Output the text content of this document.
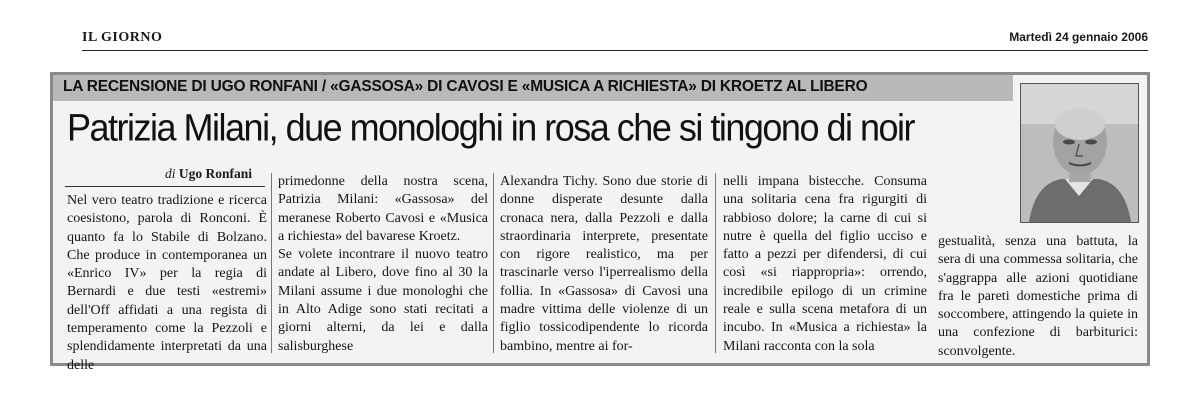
IL GIORNO	Martedì 24 gennaio 2006
LA RECENSIONE DI UGO RONFANI / «GASSOSA» DI CAVOSI E «MUSICA A RICHIESTA» DI KROETZ AL LIBERO
Patrizia Milani, due monologhi in rosa che si tingono di noir
di Ugo Ronfani

Nel vero teatro tradizione e ricerca coesistono, parola di Ronconi. È quanto fa lo Stabile di Bolzano. Che produce in contemporanea un «Enrico IV» per la regia di Bernardi e due testi «estremi» dell'Off affidati a una regista di temperamento come la Pezzoli e splendidamente interpretati da una delle

primedonne della nostra scena, Patrizia Milani: «Gassosa» del meranese Roberto Cavosi e «Musica a richiesta» del bavarese Kroetz.

Se volete incontrare il nuovo teatro andate al Libero, dove fino al 30 la Milani assume i due monologhi che in Alto Adige sono stati recitati a giorni alterni, da lei e dalla salisburghese

Alexandra Tichy. Sono due storie di donne disperate desunte dalla cronaca nera, dalla Pezzoli e dalla straordinaria interprete, presentate con rigore realistico, ma per trascinarle verso l'iperrealismo della follia. In «Gassosa» di Cavosi una madre vittima delle violenze di un figlio tossicodipendente lo ricorda bambino, mentre ai for-

nelli impana bistecche. Consuma una solitaria cena fra rigurgiti di rabbioso dolore; la carne di cui si nutre è quella del figlio ucciso e fatto a pezzi per difendersi, di cui così «si riappropria»: orrendo, incredibile epilogo di un crimine reale e sulla scena metafora di un incubo. In «Musica a richiesta» la Milani racconta con la sola

gestualità, senza una battuta, la sera di una commessa solitaria, che s'aggrappa alle azioni quotidiane fra le pareti domestiche prima di soccombere, attingendo la quiete in una confezione di barbiturici: sconvolgente.
